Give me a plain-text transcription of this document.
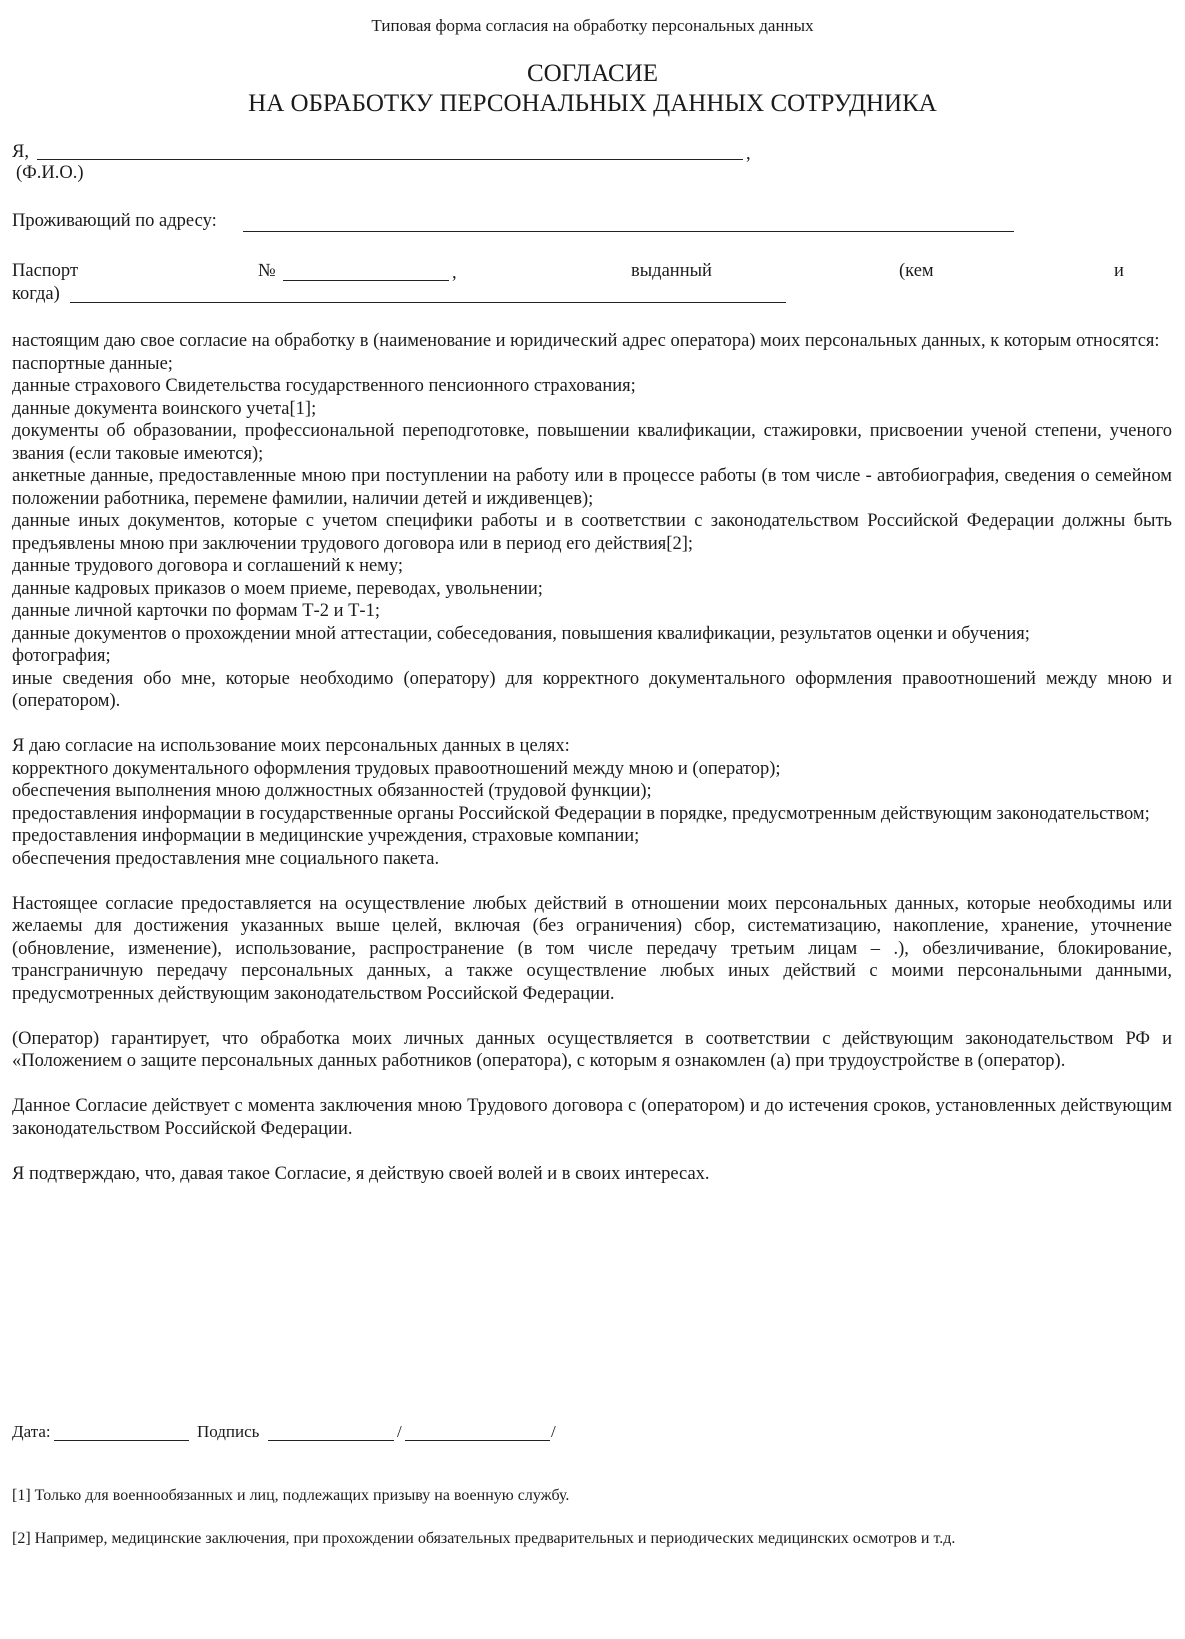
Типовая форма согласия на обработку персональных данных
СОГЛАСИЕ
НА ОБРАБОТКУ ПЕРСОНАЛЬНЫХ ДАННЫХ СОТРУДНИКА
Я,	,
(Ф.И.О.)
Проживающий по адресу:
Паспорт	№	,	выданный	(кем	и
когда)

настоящим даю свое согласие на обработку в (наименование и юридический адрес оператора) моих персональных данных, к которым относятся:

паспортные данные;

данные страхового Свидетельства государственного пенсионного страхования;

данные документа воинского учета[1];

документы об образовании, профессиональной переподготовке, повышении квалификации, стажировки, присвоении ученой степени, ученого звания (если таковые имеются);

анкетные данные, предоставленные мною при поступлении на работу или в процессе работы (в том числе - автобиография, сведения о семейном положении работника, перемене фамилии, наличии детей и иждивенцев);

данные иных документов, которые с учетом специфики работы и в соответствии с законодательством Российской Федерации должны быть предъявлены мною при заключении трудового договора или в период его действия[2];

данные трудового договора и соглашений к нему;

данные кадровых приказов о моем приеме, переводах, увольнении;

данные личной карточки по формам Т-2 и Т-1;

данные документов о прохождении мной аттестации, собеседования, повышения квалификации, результатов оценки и обучения;

фотография;

иные сведения обо мне, которые необходимо (оператору) для корректного документального оформления правоотношений между мною и (оператором).

Я даю согласие на использование моих персональных данных в целях:

корректного документального оформления трудовых правоотношений между мною и (оператор);

обеспечения выполнения мною должностных обязанностей (трудовой функции);

предоставления информации в государственные органы Российской Федерации в порядке, предусмотренным действующим законодательством;

предоставления информации в медицинские учреждения, страховые компании;

обеспечения предоставления мне социального пакета.

Настоящее согласие предоставляется на осуществление любых действий в отношении моих персональных данных, которые необходимы или желаемы для достижения указанных выше целей, включая (без ограничения) сбор, систематизацию, накопление, хранение, уточнение (обновление, изменение), использование, распространение (в том числе передачу третьим лицам – .), обезличивание, блокирование, трансграничную передачу персональных данных, а также осуществление любых иных действий с моими персональными данными, предусмотренных действующим законодательством Российской Федерации.

(Оператор) гарантирует, что обработка моих личных данных осуществляется в соответствии с действующим законодательством РФ и «Положением о защите персональных данных работников (оператора), с которым я ознакомлен (а) при трудоустройстве в (оператор).

Данное Согласие действует с момента заключения мною Трудового договора с (оператором) и до истечения сроков, установленных действующим законодательством Российской Федерации.

Я подтверждаю, что, давая такое Согласие, я действую своей волей и в своих интересах.

Дата:	Подпись	/	/
[1] Только для военнообязанных и лиц, подлежащих призыву на военную службу.
[2] Например, медицинские заключения, при прохождении обязательных предварительных и периодических медицинских осмотров и т.д.
